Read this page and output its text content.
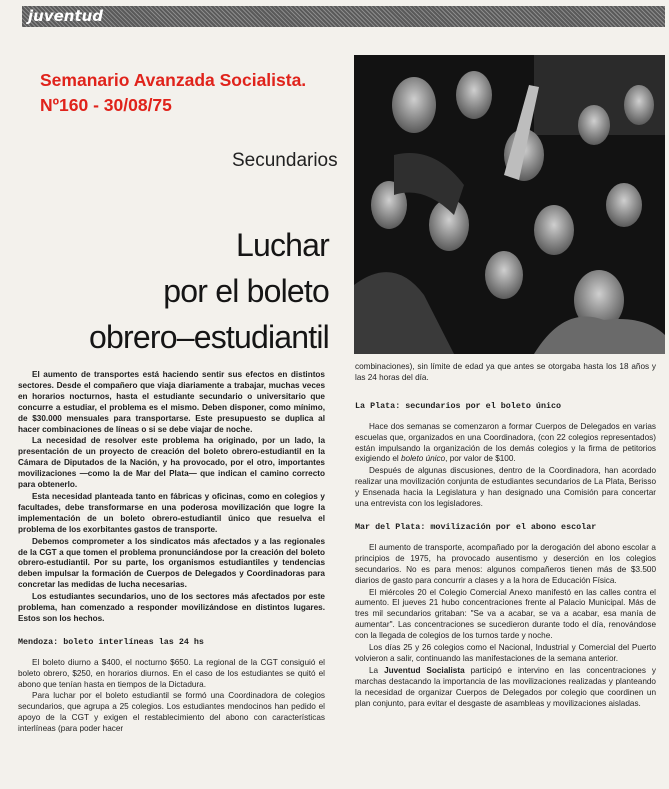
juventud
Semanario Avanzada Socialista.
Nº160 - 30/08/75
Secundarios
Luchar
por el boleto
obrero–estudiantil

El aumento de transportes está haciendo sentir sus efectos en distintos sectores. Desde el compañero que viaja diariamente a trabajar, muchas veces en horarios nocturnos, hasta el estudiante secundario o universitario que concurre a estudiar, el problema es el mismo. Deben disponer, como mínimo, de $30.000 mensuales para transportarse. Este presupuesto se duplica al hacer combinaciones de líneas o si se debe viajar de noche.

La necesidad de resolver este problema ha originado, por un lado, la presentación de un proyecto de creación del boleto obrero-estudiantil en la Cámara de Diputados de la Nación, y ha provocado, por el otro, importantes movilizaciones —como la de Mar del Plata— que indican el camino correcto para obtenerlo.

Esta necesidad planteada tanto en fábricas y oficinas, como en colegios y facultades, debe transformarse en una poderosa movilización que logre la implementación de un boleto obrero-estudiantil único que resuelva el problema de los exorbitantes gastos de transporte.

Debemos comprometer a los sindicatos más afectados y a las regionales de la CGT a que tomen el problema pronunciándose por la creación del boleto obrero-estudiantil. Por su parte, los organismos estudiantiles y tendencias deben impulsar la formación de Cuerpos de Delegados y Coordinadoras para concretar las medidas de lucha necesarias.

Los estudiantes secundarios, uno de los sectores más afectados por este problema, han comenzado a responder movilizándose en distintos lugares. Estos son los hechos.

Mendoza: boleto interlíneas las 24 hs

El boleto diurno a $400, el nocturno $650. La regional de la CGT consiguió el boleto obrero, $250, en horarios diurnos. En el caso de los estudiantes se quitó el abono que tenían hasta en tiempos de la Dictadura.

Para luchar por el boleto estudiantil se formó una Coordinadora de colegios secundarios, que agrupa a 25 colegios. Los estudiantes mendocinos han pedido el apoyo de la CGT y exigen el restablecimiento del abono con características interlíneas (para poder hacer

combinaciones), sin límite de edad ya que antes se otorgaba hasta los 18 años y las 24 horas del día.

La Plata: secundarios por el boleto único

Hace dos semanas se comenzaron a formar Cuerpos de Delegados en varias escuelas que, organizados en una Coordinadora, (con 22 colegios representados) están impulsando la organización de los demás colegios y la firma de petitorios exigiendo el boleto único, por valor de $100.

Después de algunas discusiones, dentro de la Coordinadora, han acordado realizar una movilización conjunta de estudiantes secundarios de La Plata, Berisso y Ensenada hacia la Legislatura y han designado una Comisión para concertar una entrevista con los legisladores.

Mar del Plata: movilización por el abono escolar

El aumento de transporte, acompañado por la derogación del abono escolar a principios de 1975, ha provocado ausentismo y deserción en los colegios secundarios. No es para menos: algunos compañeros tienen más de $3.500 diarios de gasto para concurrir a clases y a la hora de Educación Física.

El miércoles 20 el Colegio Comercial Anexo manifestó en las calles contra el aumento. El jueves 21 hubo concentraciones frente al Palacio Municipal. Más de tres mil secundarios gritaban: "Se va a acabar, se va a acabar, esa manía de aumentar". Las concentraciones se sucedieron durante todo el día, renovándose con la llegada de colegios de los turnos tarde y noche.

Los días 25 y 26 colegios como el Nacional, Industrial y Comercial del Puerto volvieron a salir, continuando las manifestaciones de la semana anterior.

La Juventud Socialista participó e intervino en las concentraciones y marchas destacando la importancia de las movilizaciones realizadas y planteando la necesidad de organizar Cuerpos de Delegados por colegio que coordinen un plan conjunto, para evitar el desgaste de asambleas y movilizaciones aisladas.
